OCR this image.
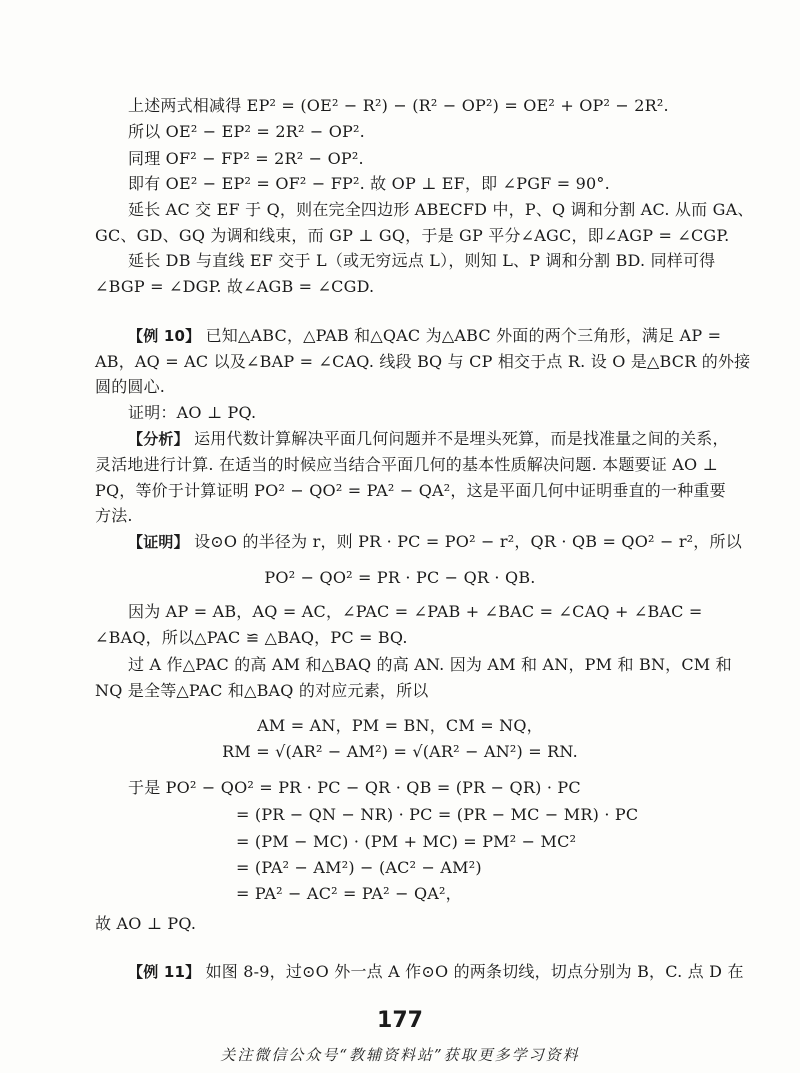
上述两式相减得 EP² = (OE² − R²) − (R² − OP²) = OE² + OP² − 2R².
所以 OE² − EP² = 2R² − OP².
同理 OF² − FP² = 2R² − OP².
即有 OE² − EP² = OF² − FP². 故 OP ⊥ EF，即 ∠PGF = 90°.
延长 AC 交 EF 于 Q，则在完全四边形 ABECFD 中，P、Q 调和分割 AC. 从而 GA、
GC、GD、GQ 为调和线束，而 GP ⊥ GQ，于是 GP 平分∠AGC，即∠AGP = ∠CGP.
延长 DB 与直线 EF 交于 L（或无穷远点 L），则知 L、P 调和分割 BD. 同样可得
∠BGP = ∠DGP. 故∠AGB = ∠CGD.
【例 10】 已知△ABC，△PAB 和△QAC 为△ABC 外面的两个三角形，满足 AP =
AB，AQ = AC 以及∠BAP = ∠CAQ. 线段 BQ 与 CP 相交于点 R. 设 O 是△BCR 的外接
圆的圆心.
证明：AO ⊥ PQ.
【分析】 运用代数计算解决平面几何问题并不是埋头死算，而是找准量之间的关系，
灵活地进行计算. 在适当的时候应当结合平面几何的基本性质解决问题. 本题要证 AO ⊥
PQ，等价于计算证明 PO² − QO² = PA² − QA²，这是平面几何中证明垂直的一种重要
方法.
【证明】 设⊙O 的半径为 r，则 PR · PC = PO² − r²，QR · QB = QO² − r²，所以
PO² − QO² = PR · PC − QR · QB.
因为 AP = AB，AQ = AC，∠PAC = ∠PAB + ∠BAC = ∠CAQ + ∠BAC =
∠BAQ，所以△PAC ≌ △BAQ，PC = BQ.
过 A 作△PAC 的高 AM 和△BAQ 的高 AN. 因为 AM 和 AN，PM 和 BN，CM 和
NQ 是全等△PAC 和△BAQ 的对应元素，所以
AM = AN，PM = BN，CM = NQ，
RM = √(AR² − AM²) = √(AR² − AN²) = RN.
于是 PO² − QO² = PR · PC − QR · QB = (PR − QR) · PC
= (PR − QN − NR) · PC = (PR − MC − MR) · PC
= (PM − MC) · (PM + MC) = PM² − MC²
= (PA² − AM²) − (AC² − AM²)
= PA² − AC² = PA² − QA²，
故 AO ⊥ PQ.
【例 11】 如图 8-9，过⊙O 外一点 A 作⊙O 的两条切线，切点分别为 B，C. 点 D 在
177
关注微信公众号“教辅资料站”获取更多学习资料
